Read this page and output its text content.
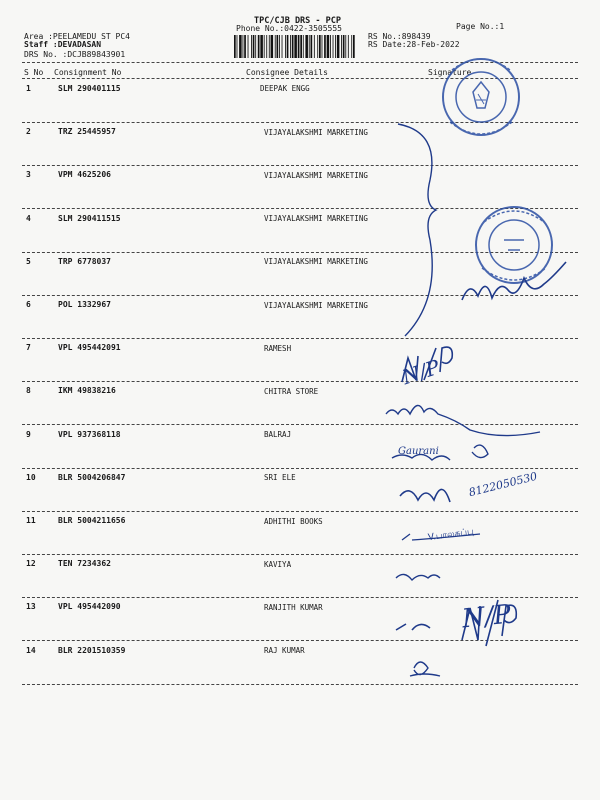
TPC/CJB DRS - PCP
Phone No.:0422-3505555	Page No.:1
Area :PEELAMEDU ST PC4
Staff :DEVADASAN
DRS No. :DCJB89843901
RS No.:898439
RS Date:28-Feb-2022
S No Consignment No	Consignee Details	Signature
1	SLM 290401115	DEEPAK ENGG
2	TRZ 25445957	VIJAYALAKSHMI MARKETING
3	VPM 4625206	VIJAYALAKSHMI MARKETING
4	SLM 290411515	VIJAYALAKSHMI MARKETING
5	TRP 6778037	VIJAYALAKSHMI MARKETING
6	POL 1332967	VIJAYALAKSHMI MARKETING
7	VPL 495442091	RAMESH
8	IKM 49838216	CHITRA STORE
9	VPL 937368118	BALRAJ
10	BLR 5004206847	SRI ELE
11	BLR 5004211656	ADHITHI BOOKS
12	TEN 7234362	KAVIYA
13	VPL 495442090	RANJITH KUMAR
14	BLR 2201510359	RAJ KUMAR
N/P
Gaurani
8122050530
V.பாலசுப்பு
N/P
